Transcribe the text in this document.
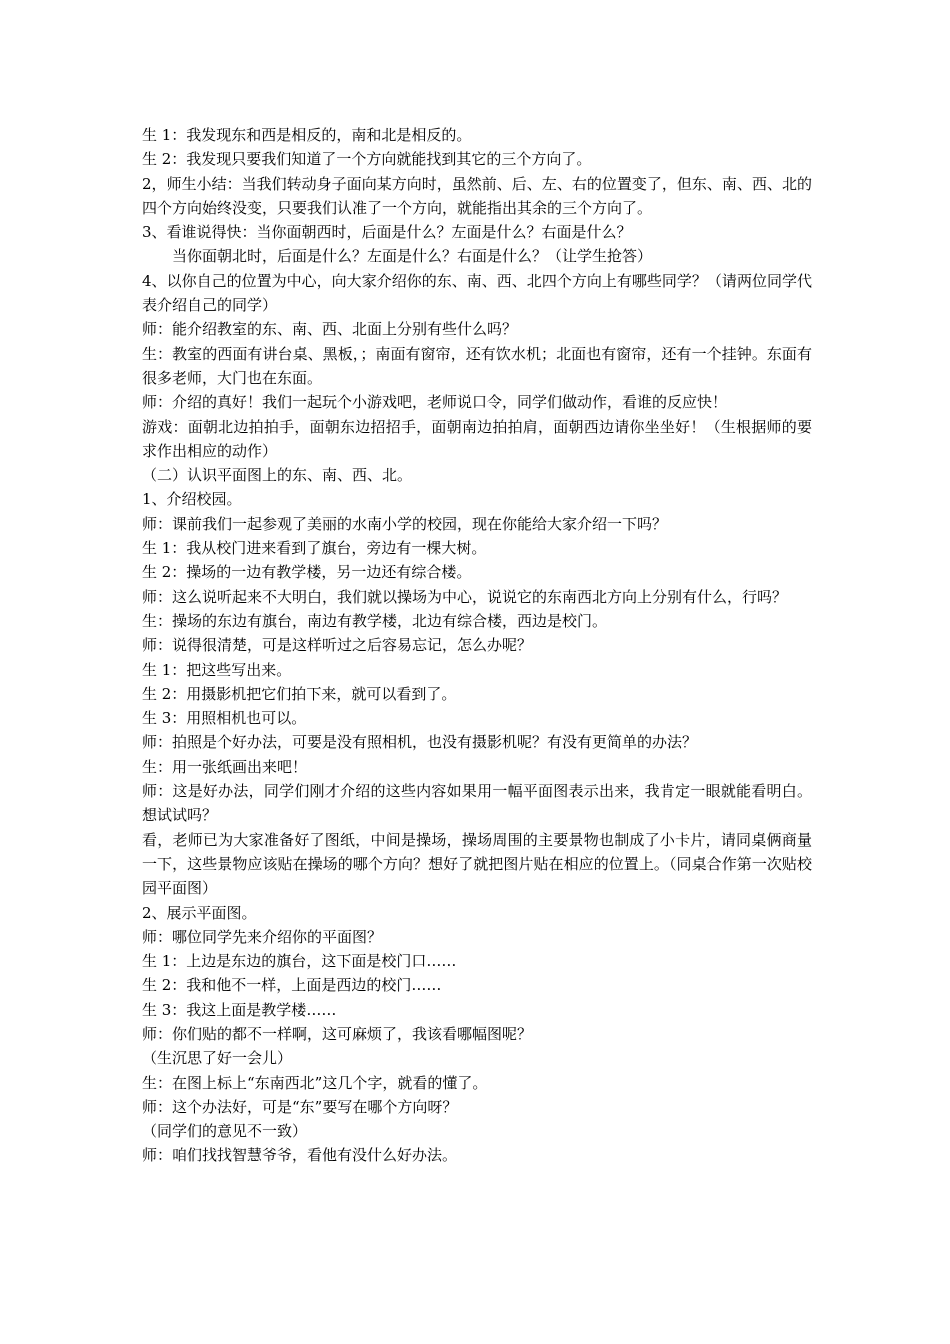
生 1：我发现东和西是相反的，南和北是相反的。

生 2：我发现只要我们知道了一个方向就能找到其它的三个方向了。

2，师生小结：当我们转动身子面向某方向时，虽然前、后、左、右的位置变了，但东、南、西、北的四个方向始终没变，只要我们认准了一个方向，就能指出其余的三个方向了。

3、看谁说得快：当你面朝西时，后面是什么？左面是什么？右面是什么？

当你面朝北时，后面是什么？左面是什么？右面是什么？（让学生抢答）

4、以你自己的位置为中心，向大家介绍你的东、南、西、北四个方向上有哪些同学？（请两位同学代表介绍自己的同学）

师：能介绍教室的东、南、西、北面上分别有些什么吗？

生：教室的西面有讲台桌、黑板，；南面有窗帘，还有饮水机；北面也有窗帘，还有一个挂钟。东面有很多老师，大门也在东面。

师：介绍的真好！我们一起玩个小游戏吧，老师说口令，同学们做动作，看谁的反应快！

游戏：面朝北边拍拍手，面朝东边招招手，面朝南边拍拍肩，面朝西边请你坐坐好！（生根据师的要求作出相应的动作）

（二）认识平面图上的东、南、西、北。

1、介绍校园。

师：课前我们一起参观了美丽的水南小学的校园，现在你能给大家介绍一下吗？

生 1：我从校门进来看到了旗台，旁边有一棵大树。

生 2：操场的一边有教学楼，另一边还有综合楼。

师：这么说听起来不大明白，我们就以操场为中心，说说它的东南西北方向上分别有什么，行吗？

生：操场的东边有旗台，南边有教学楼，北边有综合楼，西边是校门。

师：说得很清楚，可是这样听过之后容易忘记，怎么办呢？

生 1：把这些写出来。

生 2：用摄影机把它们拍下来，就可以看到了。

生 3：用照相机也可以。

师：拍照是个好办法，可要是没有照相机，也没有摄影机呢？有没有更简单的办法？

生：用一张纸画出来吧！

师：这是好办法，同学们刚才介绍的这些内容如果用一幅平面图表示出来，我肯定一眼就能看明白。想试试吗？

看，老师已为大家准备好了图纸，中间是操场，操场周围的主要景物也制成了小卡片，请同桌俩商量一下，这些景物应该贴在操场的哪个方向？想好了就把图片贴在相应的位置上。（同桌合作第一次贴校园平面图）

2、展示平面图。

师：哪位同学先来介绍你的平面图？

生 1：上边是东边的旗台，这下面是校门口……

生 2：我和他不一样，上面是西边的校门……

生 3：我这上面是教学楼……

师：你们贴的都不一样啊，这可麻烦了，我该看哪幅图呢？

（生沉思了好一会儿）

生：在图上标上“东南西北”这几个字，就看的懂了。

师：这个办法好，可是“东”要写在哪个方向呀？

（同学们的意见不一致）

师：咱们找找智慧爷爷，看他有没什么好办法。
